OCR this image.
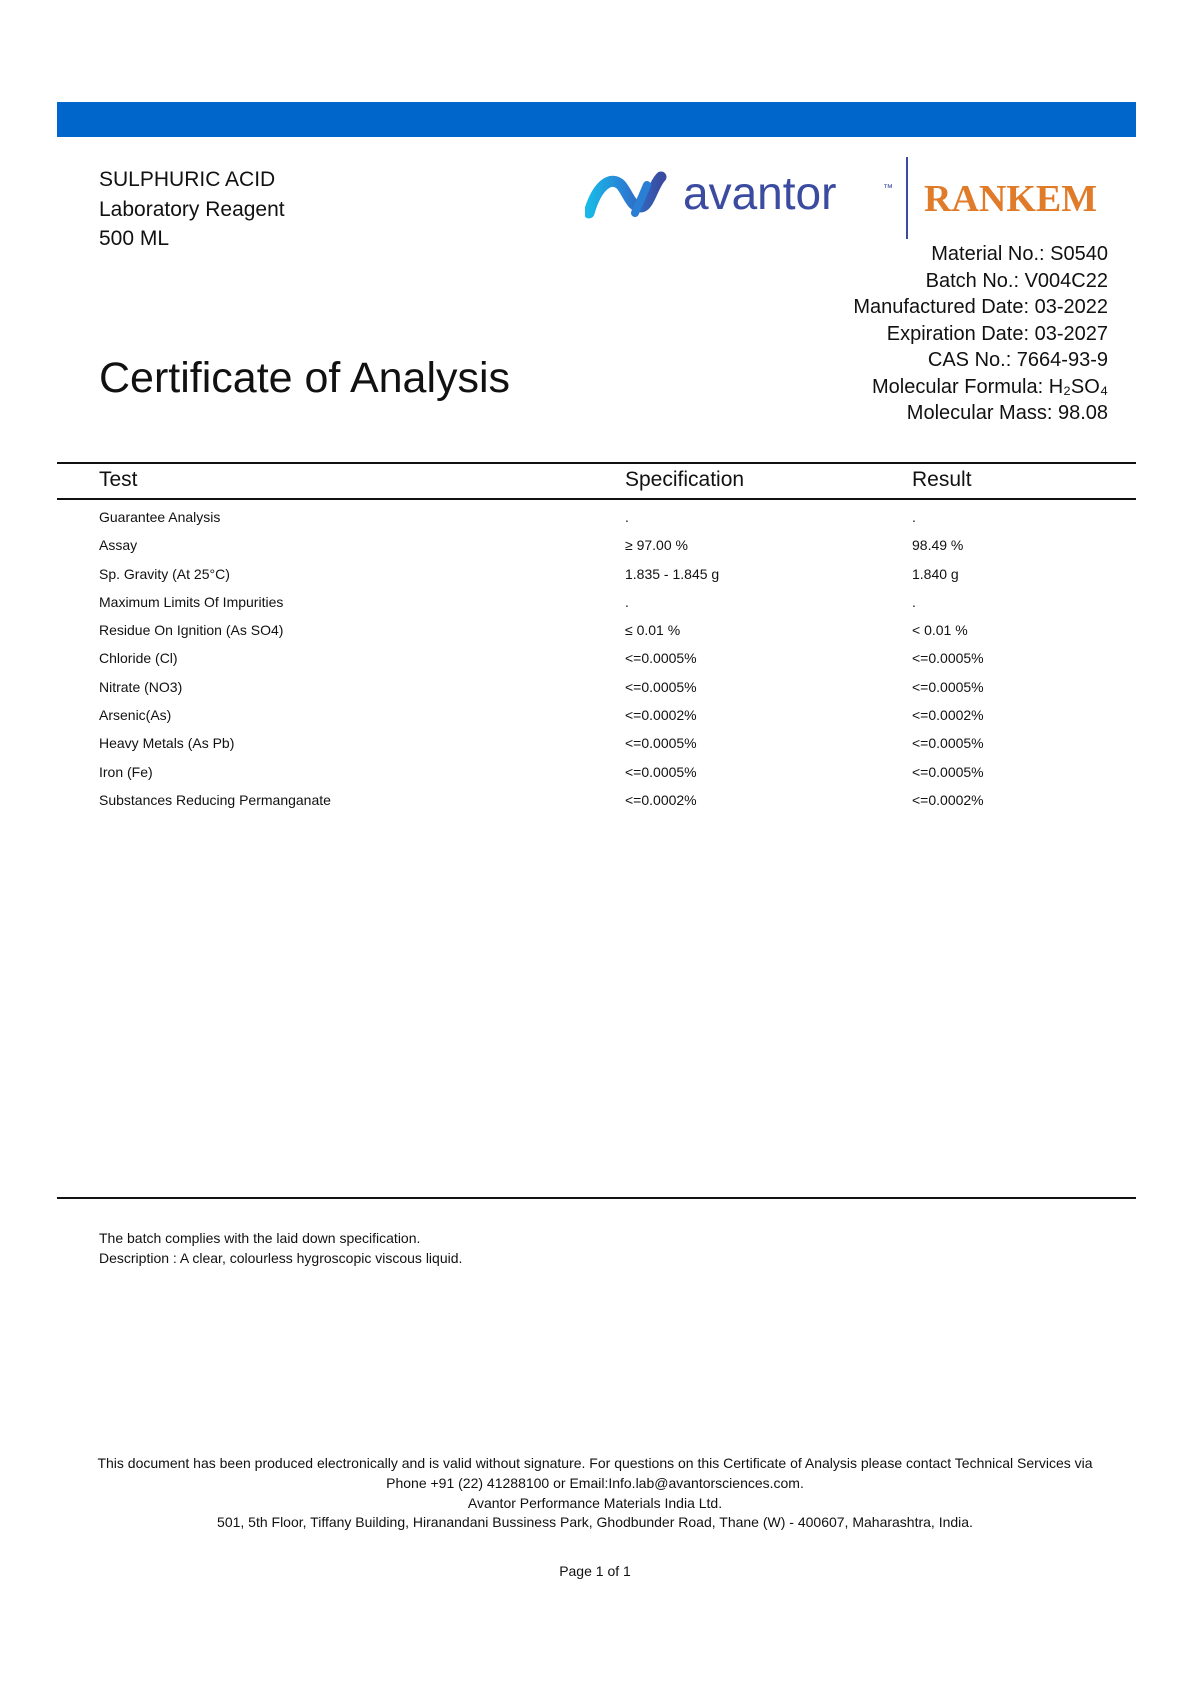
SULPHURIC ACID
Laboratory Reagent
500 ML
avantor	™ RANKEM
Material No.: S0540
Batch No.: V004C22
Manufactured Date: 03-2022
Expiration Date: 03-2027
CAS No.: 7664-93-9
Molecular Formula: H₂SO₄
Molecular Mass: 98.08
Certificate of Analysis
Test	Specification	Result
Guarantee Analysis	.	.
Assay	≥ 97.00 %	98.49 %
Sp. Gravity (At 25°C)	1.835 - 1.845 g	1.840 g
Maximum Limits Of Impurities	.	.
Residue On Ignition (As SO4)	≤ 0.01 %	< 0.01 %
Chloride (Cl)	<=0.0005%	<=0.0005%
Nitrate (NO3)	<=0.0005%	<=0.0005%
Arsenic(As)	<=0.0002%	<=0.0002%
Heavy Metals (As Pb)	<=0.0005%	<=0.0005%
Iron (Fe)	<=0.0005%	<=0.0005%
Substances Reducing Permanganate	<=0.0002%	<=0.0002%
The batch complies with the laid down specification.
Description : A clear, colourless hygroscopic viscous liquid.
This document has been produced electronically and is valid without signature. For questions on this Certificate of Analysis please contact Technical Services via
Phone +91 (22) 41288100 or Email:Info.lab@avantorsciences.com.
Avantor Performance Materials India Ltd.
501, 5th Floor, Tiffany Building, Hiranandani Bussiness Park, Ghodbunder Road, Thane (W) - 400607, Maharashtra, India.
Page 1 of 1
